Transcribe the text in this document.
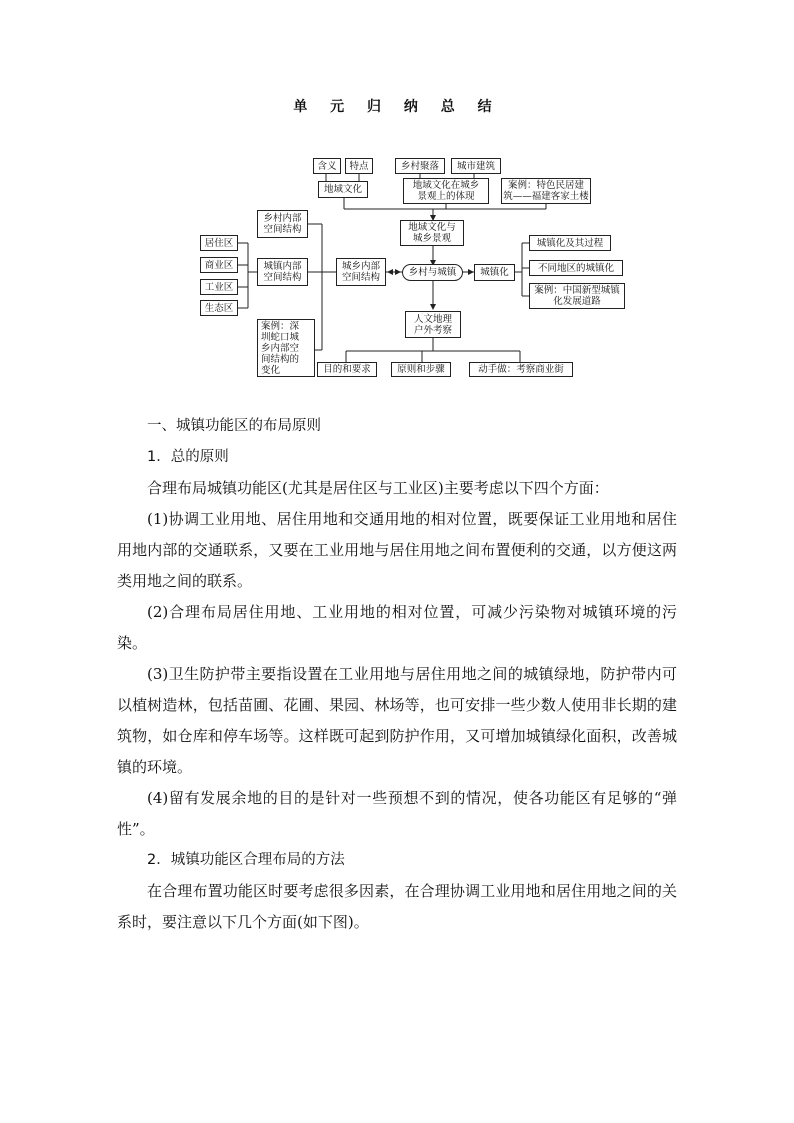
单 元 归 纳 总 结
含义	特点
地域文化
乡村聚落	城市建筑
地域文化在城乡
景观上的体现
案例：特色民居建
筑——福建客家土楼
地域文化与
城乡景观
乡村内部
空间结构
城镇内部
空间结构
城乡内部
空间结构	乡村与城镇	城镇化
城镇化及其过程
不同地区的城镇化
案例：中国新型城镇
化发展道路
居住区
商业区
工业区
生态区
案例：深
圳蛇口城
乡内部空
间结构的
变化
人文地理
户外考察
目的和要求	原则和步骤	动手做：考察商业街
一、城镇功能区的布局原则
1．总的原则
合理布局城镇功能区(尤其是居住区与工业区)主要考虑以下四个方面：
(1)协调工业用地、居住用地和交通用地的相对位置，既要保证工业用地和居住用地内部的交通联系，又要在工业用地与居住用地之间布置便利的交通，以方便这两类用地之间的联系。
(2)合理布局居住用地、工业用地的相对位置，可减少污染物对城镇环境的污染。
(3)卫生防护带主要指设置在工业用地与居住用地之间的城镇绿地，防护带内可以植树造林，包括苗圃、花圃、果园、林场等，也可安排一些少数人使用非长期的建筑物，如仓库和停车场等。这样既可起到防护作用，又可增加城镇绿化面积，改善城镇的环境。
(4)留有发展余地的目的是针对一些预想不到的情况，使各功能区有足够的“弹性”。
2．城镇功能区合理布局的方法
在合理布置功能区时要考虑很多因素，在合理协调工业用地和居住用地之间的关系时，要注意以下几个方面(如下图)。
